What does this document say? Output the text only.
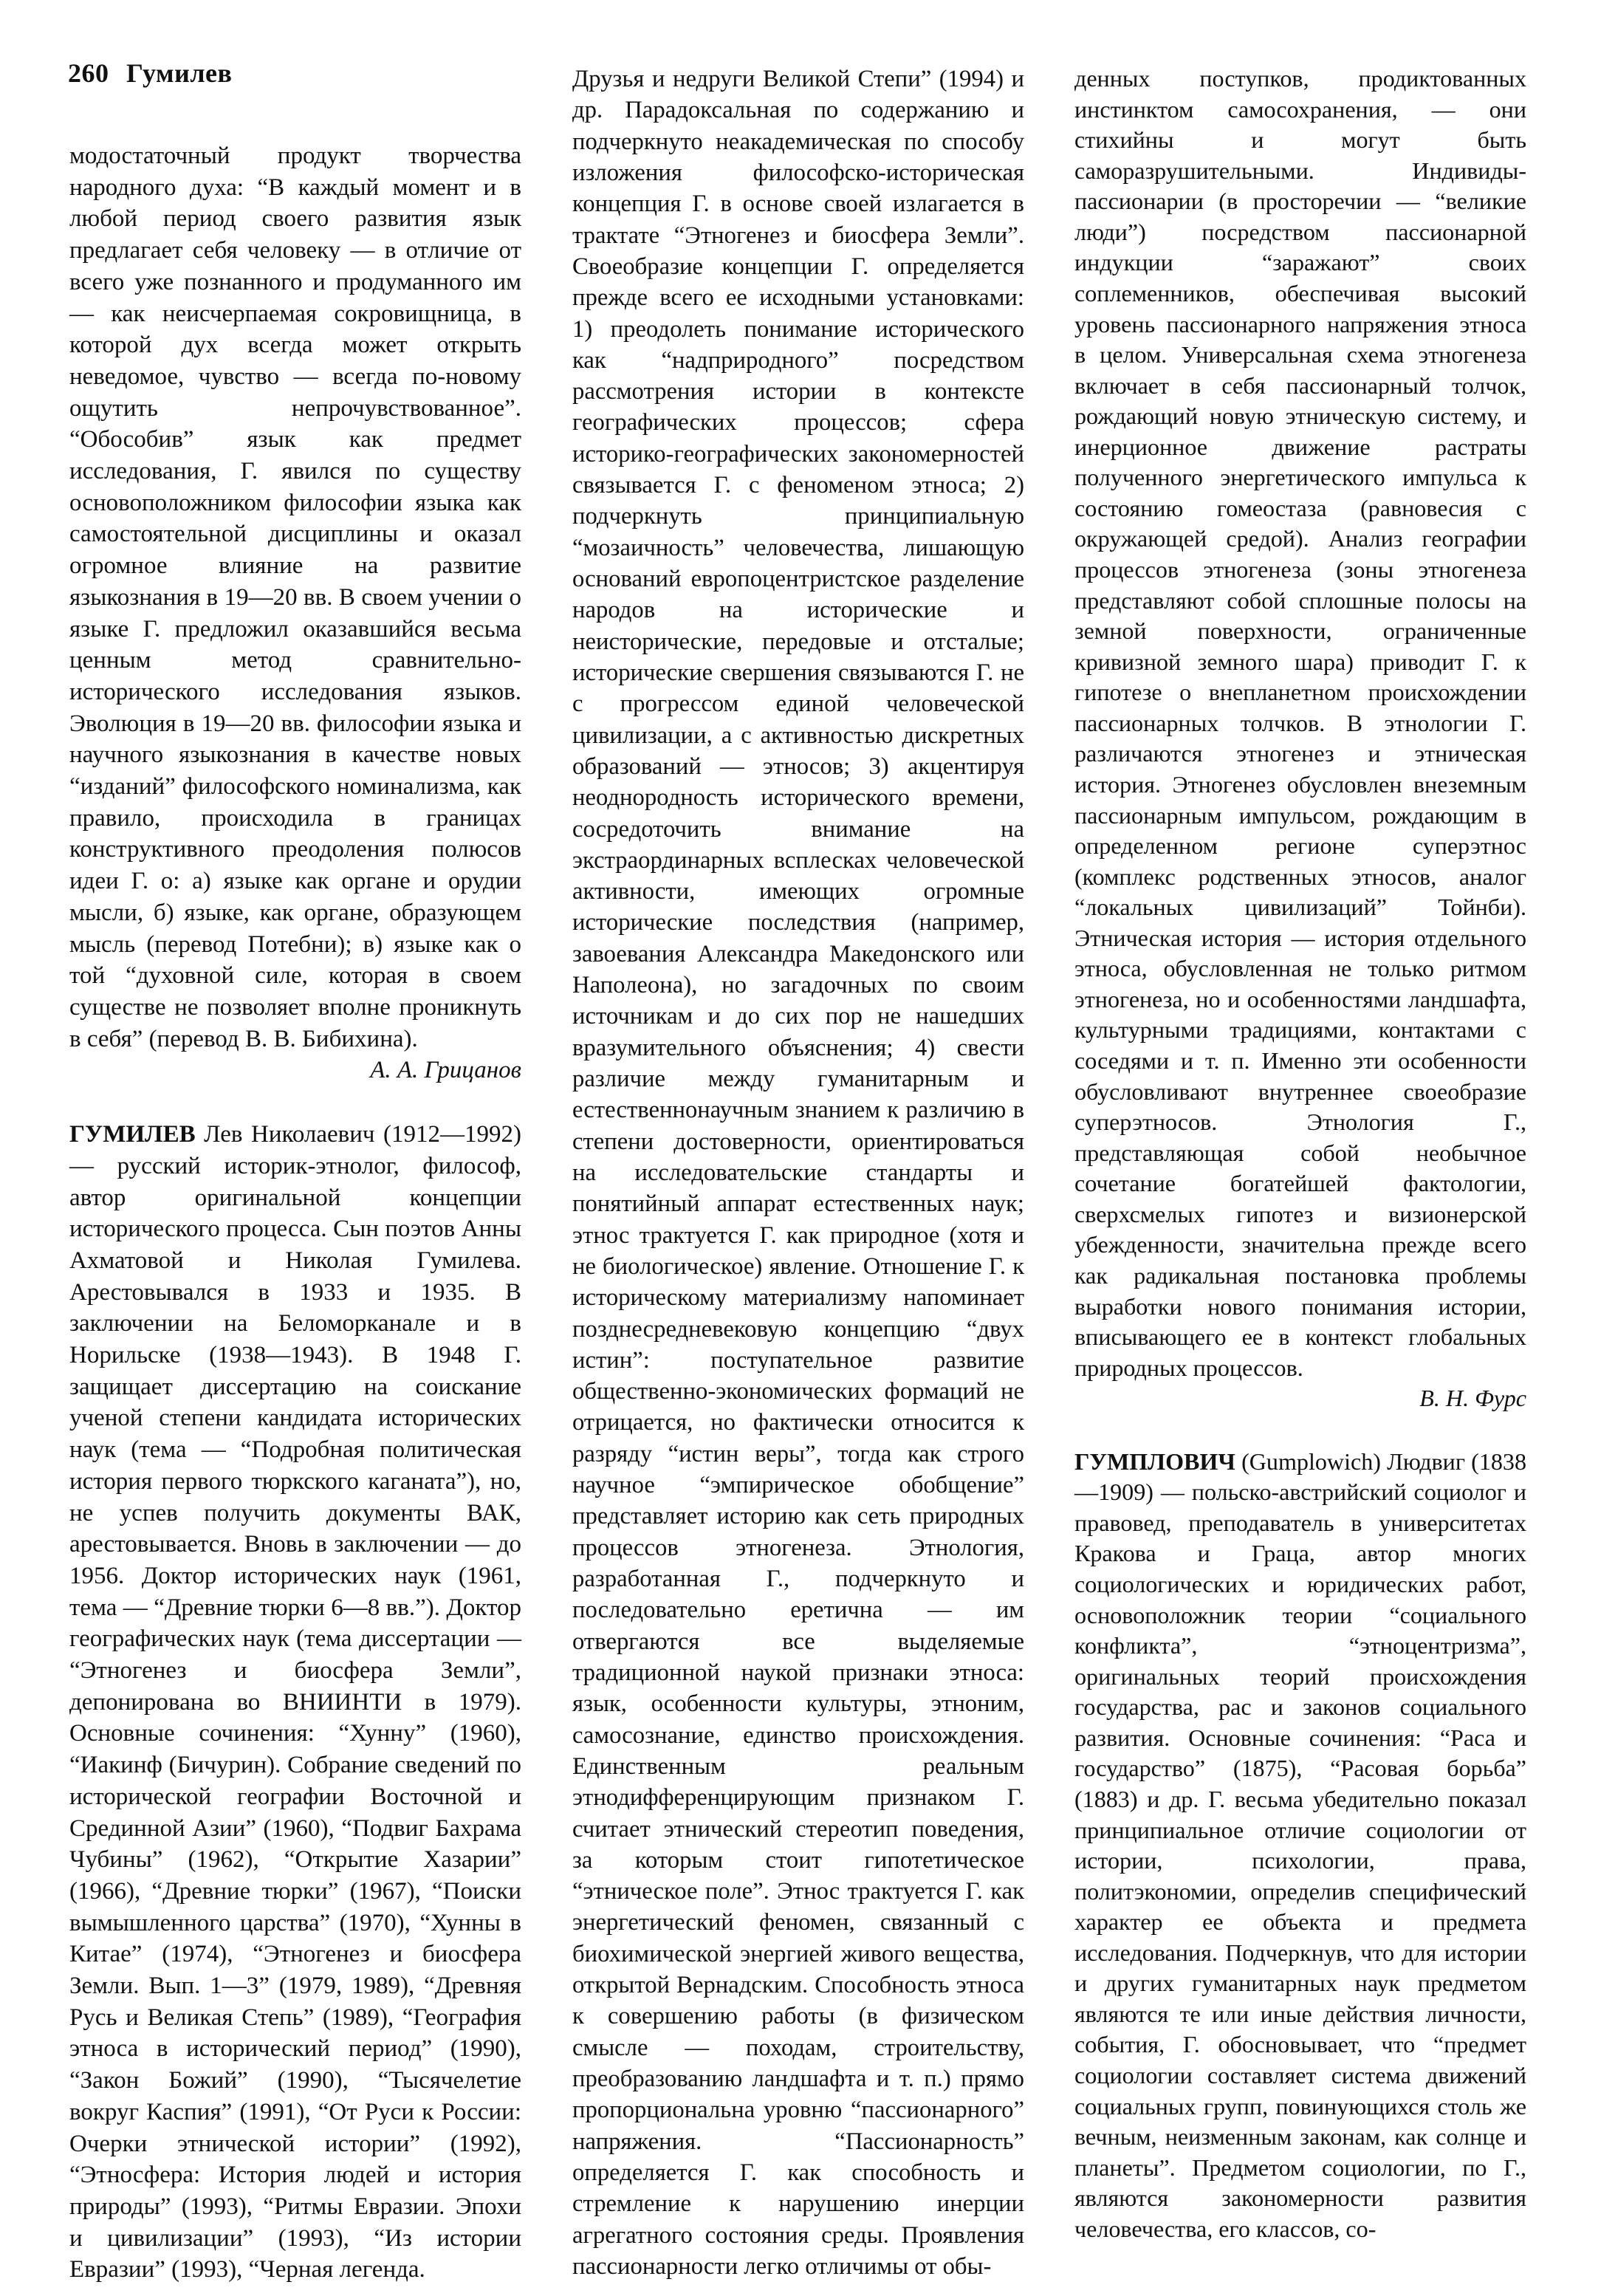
260 Гумилев

модостаточный продукт творчества народного духа: “В каждый момент и в любой период своего развития язык предлагает себя человеку — в отличие от всего уже познанного и продуманного им — как неисчерпаемая сокровищница, в которой дух всегда может открыть неведомое, чувство — всегда по-новому ощутить непрочувствованное”. “Обособив” язык как предмет исследования, Г. явился по существу основоположником философии языка как самостоятельной дисциплины и оказал огромное влияние на развитие языкознания в 19—20 вв. В своем учении о языке Г. предложил оказавшийся весьма ценным метод сравнительно-исторического исследования языков. Эволюция в 19—20 вв. философии языка и научного языкознания в качестве новых “изданий” философского номинализма, как правило, происходила в границах конструктивного преодоления полюсов идеи Г. о: а) языке как органе и орудии мысли, б) языке, как органе, образующем мысль (перевод Потебни); в) языке как о той “духовной силе, которая в своем существе не позволяет вполне проникнуть в себя” (перевод В. В. Бибихина).

А. А. Грицанов

ГУМИЛЕВ Лев Николаевич (1912—1992) — русский историк-этнолог, философ, автор оригинальной концепции исторического процесса. Сын поэтов Анны Ахматовой и Николая Гумилева. Арестовывался в 1933 и 1935. В заключении на Беломорканале и в Норильске (1938—1943). В 1948 Г. защищает диссертацию на соискание ученой степени кандидата исторических наук (тема — “Подробная политическая история первого тюркского каганата”), но, не успев получить документы ВАК, арестовывается. Вновь в заключении — до 1956. Доктор исторических наук (1961, тема — “Древние тюрки 6—8 вв.”). Доктор географических наук (тема диссертации — “Этногенез и биосфера Земли”, депонирована во ВНИИНТИ в 1979). Основные сочинения: “Хунну” (1960), “Иакинф (Бичурин). Собрание сведений по исторической географии Восточной и Срединной Азии” (1960), “Подвиг Бахрама Чубины” (1962), “Открытие Хазарии” (1966), “Древние тюрки” (1967), “Поиски вымышленного царства” (1970), “Хунны в Китае” (1974), “Этногенез и биосфера Земли. Вып. 1—3” (1979, 1989), “Древняя Русь и Великая Степь” (1989), “География этноса в исторический период” (1990), “Закон Божий” (1990), “Тысячелетие вокруг Каспия” (1991), “От Руси к России: Очерки этнической истории” (1992), “Этносфера: История людей и история природы” (1993), “Ритмы Евразии. Эпохи и цивилизации” (1993), “Из истории Евразии” (1993), “Черная легенда.

Друзья и недруги Великой Степи” (1994) и др. Парадоксальная по содержанию и подчеркнуто неакадемическая по способу изложения философско-историческая концепция Г. в основе своей излагается в трактате “Этногенез и биосфера Земли”. Своеобразие концепции Г. определяется прежде всего ее исходными установками: 1) преодолеть понимание исторического как “надприродного” посредством рассмотрения истории в контексте географических процессов; сфера историко-географических закономерностей связывается Г. с феноменом этноса; 2) подчеркнуть принципиальную “мозаичность” человечества, лишающую оснований европоцентристское разделение народов на исторические и неисторические, передовые и отсталые; исторические свершения связываются Г. не с прогрессом единой человеческой цивилизации, а с активностью дискретных образований — этносов; 3) акцентируя неоднородность исторического времени, сосредоточить внимание на экстраординарных всплесках человеческой активности, имеющих огромные исторические последствия (например, завоевания Александра Македонского или Наполеона), но загадочных по своим источникам и до сих пор не нашедших вразумительного объяснения; 4) свести различие между гуманитарным и естественнонаучным знанием к различию в степени достоверности, ориентироваться на исследовательские стандарты и понятийный аппарат естественных наук; этнос трактуется Г. как природное (хотя и не биологическое) явление. Отношение Г. к историческому материализму напоминает позднесредневековую концепцию “двух истин”: поступательное развитие общественно-экономических формаций не отрицается, но фактически относится к разряду “истин веры”, тогда как строго научное “эмпирическое обобщение” представляет историю как сеть природных процессов этногенеза. Этнология, разработанная Г., подчеркнуто и последовательно еретична — им отвергаются все выделяемые традиционной наукой признаки этноса: язык, особенности культуры, этноним, самосознание, единство происхождения. Единственным реальным этнодифференцирующим признаком Г. считает этнический стереотип поведения, за которым стоит гипотетическое “этническое поле”. Этнос трактуется Г. как энергетический феномен, связанный с биохимической энергией живого вещества, открытой Вернадским. Способность этноса к совершению работы (в физическом смысле — походам, строительству, преобразованию ландшафта и т. п.) прямо пропорциональна уровню “пассионарного” напряжения. “Пассионарность” определяется Г. как способность и стремление к нарушению инерции агрегатного состояния среды. Проявления пассионарности легко отличимы от обы-

денных поступков, продиктованных инстинктом самосохранения, — они стихийны и могут быть саморазрушительными. Индивиды-пассионарии (в просторечии — “великие люди”) посредством пассионарной индукции “заражают” своих соплеменников, обеспечивая высокий уровень пассионарного напряжения этноса в целом. Универсальная схема этногенеза включает в себя пассионарный толчок, рождающий новую этническую систему, и инерционное движение растраты полученного энергетического импульса к состоянию гомеостаза (равновесия с окружающей средой). Анализ географии процессов этногенеза (зоны этногенеза представляют собой сплошные полосы на земной поверхности, ограниченные кривизной земного шара) приводит Г. к гипотезе о внепланетном происхождении пассионарных толчков. В этнологии Г. различаются этногенез и этническая история. Этногенез обусловлен внеземным пассионарным импульсом, рождающим в определенном регионе суперэтнос (комплекс родственных этносов, аналог “локальных цивилизаций” Тойнби). Этническая история — история отдельного этноса, обусловленная не только ритмом этногенеза, но и особенностями ландшафта, культурными традициями, контактами с соседями и т. п. Именно эти особенности обусловливают внутреннее своеобразие суперэтносов. Этнология Г., представляющая собой необычное сочетание богатейшей фактологии, сверхсмелых гипотез и визионерской убежденности, значительна прежде всего как радикальная постановка проблемы выработки нового понимания истории, вписывающего ее в контекст глобальных природных процессов.

В. Н. Фурс

ГУМПЛОВИЧ (Gumplowich) Людвиг (1838—1909) — польско-австрийский социолог и правовед, преподаватель в университетах Кракова и Граца, автор многих социологических и юридических работ, основоположник теории “социального конфликта”, “этноцентризма”, оригинальных теорий происхождения государства, рас и законов социального развития. Основные сочинения: “Раса и государство” (1875), “Расовая борьба” (1883) и др. Г. весьма убедительно показал принципиальное отличие социологии от истории, психологии, права, политэкономии, определив специфический характер ее объекта и предмета исследования. Подчеркнув, что для истории и других гуманитарных наук предметом являются те или иные действия личности, события, Г. обосновывает, что “предмет социологии составляет система движений социальных групп, повинующихся столь же вечным, неизменным законам, как солнце и планеты”. Предметом социологии, по Г., являются закономерности развития человечества, его классов, со-
